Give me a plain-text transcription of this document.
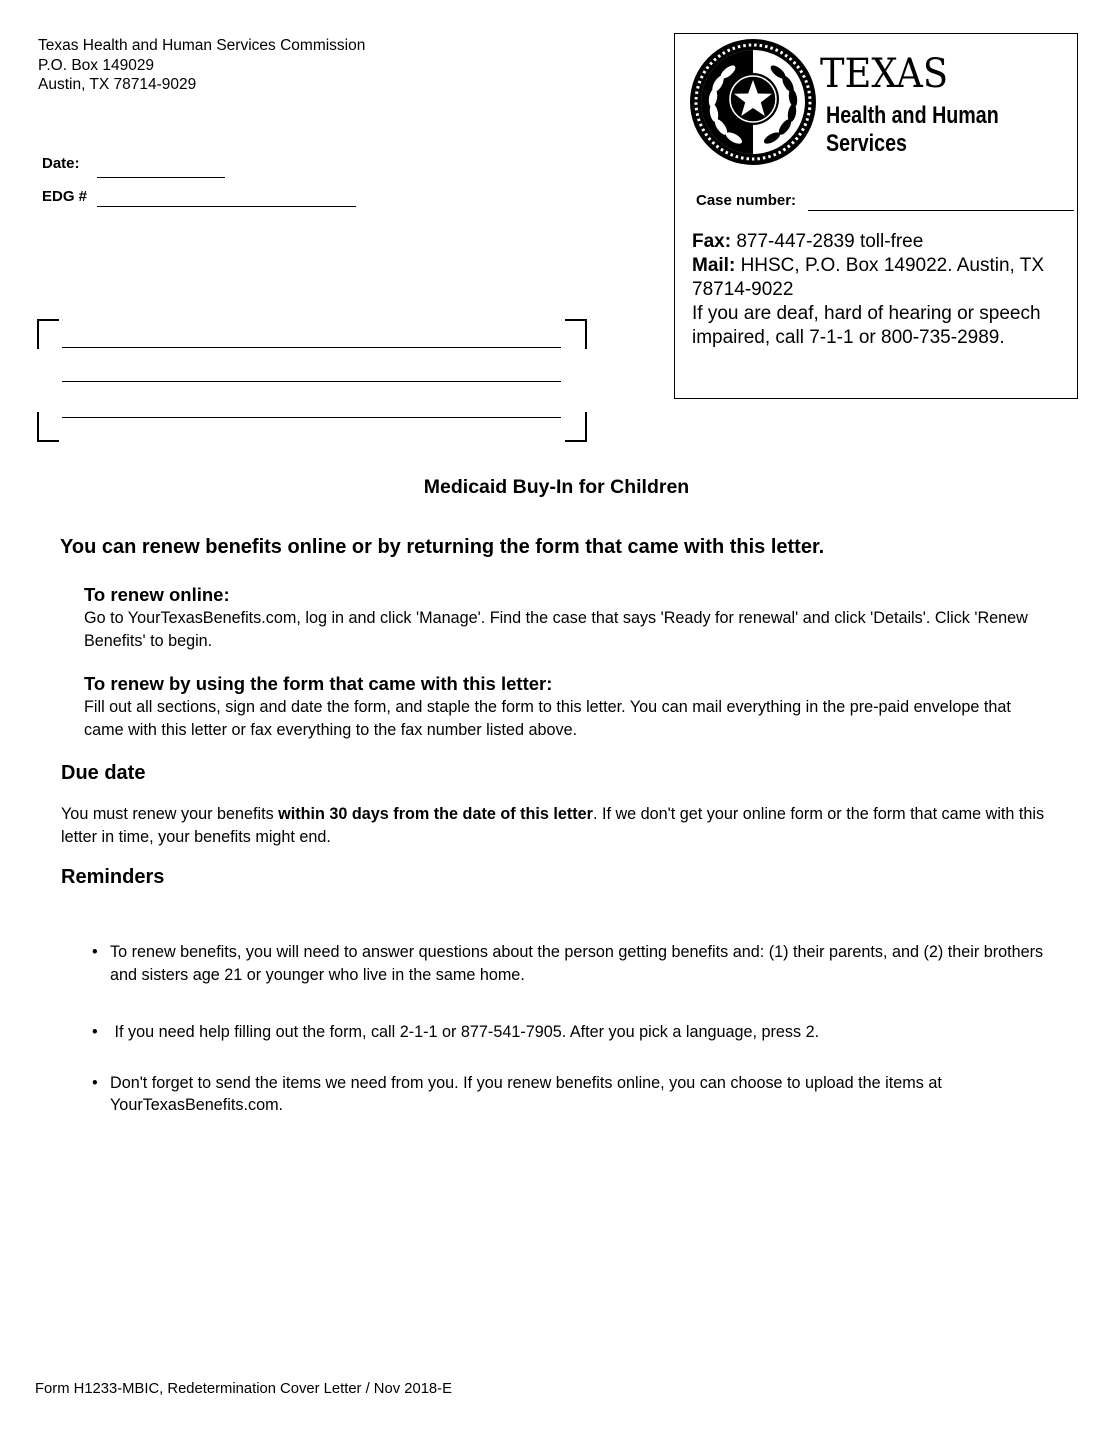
Texas Health and Human Services Commission
P.O. Box 149029
Austin, TX 78714-9029
Date:
EDG #
TEXAS
Health and Human
Services
Case number:
Fax: 877-447-2839 toll-free
Mail: HHSC, P.O. Box 149022. Austin, TX 78714-9022
If you are deaf, hard of hearing or speech impaired, call 7-1-1 or 800-735-2989.
Medicaid Buy-In for Children
You can renew benefits online or by returning the form that came with this letter.
To renew online:
Go to YourTexasBenefits.com, log in and click 'Manage'. Find the case that says 'Ready for renewal' and click 'Details'. Click 'Renew Benefits' to begin.
To renew by using the form that came with this letter:
Fill out all sections, sign and date the form, and staple the form to this letter. You can mail everything in the pre-paid envelope that came with this letter or fax everything to the fax number listed above.
Due date
You must renew your benefits within 30 days from the date of this letter. If we don't get your online form or the form that came with this letter in time, your benefits might end.
Reminders
• To renew benefits, you will need to answer questions about the person getting benefits and: (1) their parents, and (2) their brothers and sisters age 21 or younger who live in the same home.
• If you need help filling out the form, call 2-1-1 or 877-541-7905. After you pick a language, press 2.
• Don't forget to send the items we need from you. If you renew benefits online, you can choose to upload the items at YourTexasBenefits.com.
Form H1233-MBIC, Redetermination Cover Letter / Nov 2018-E
